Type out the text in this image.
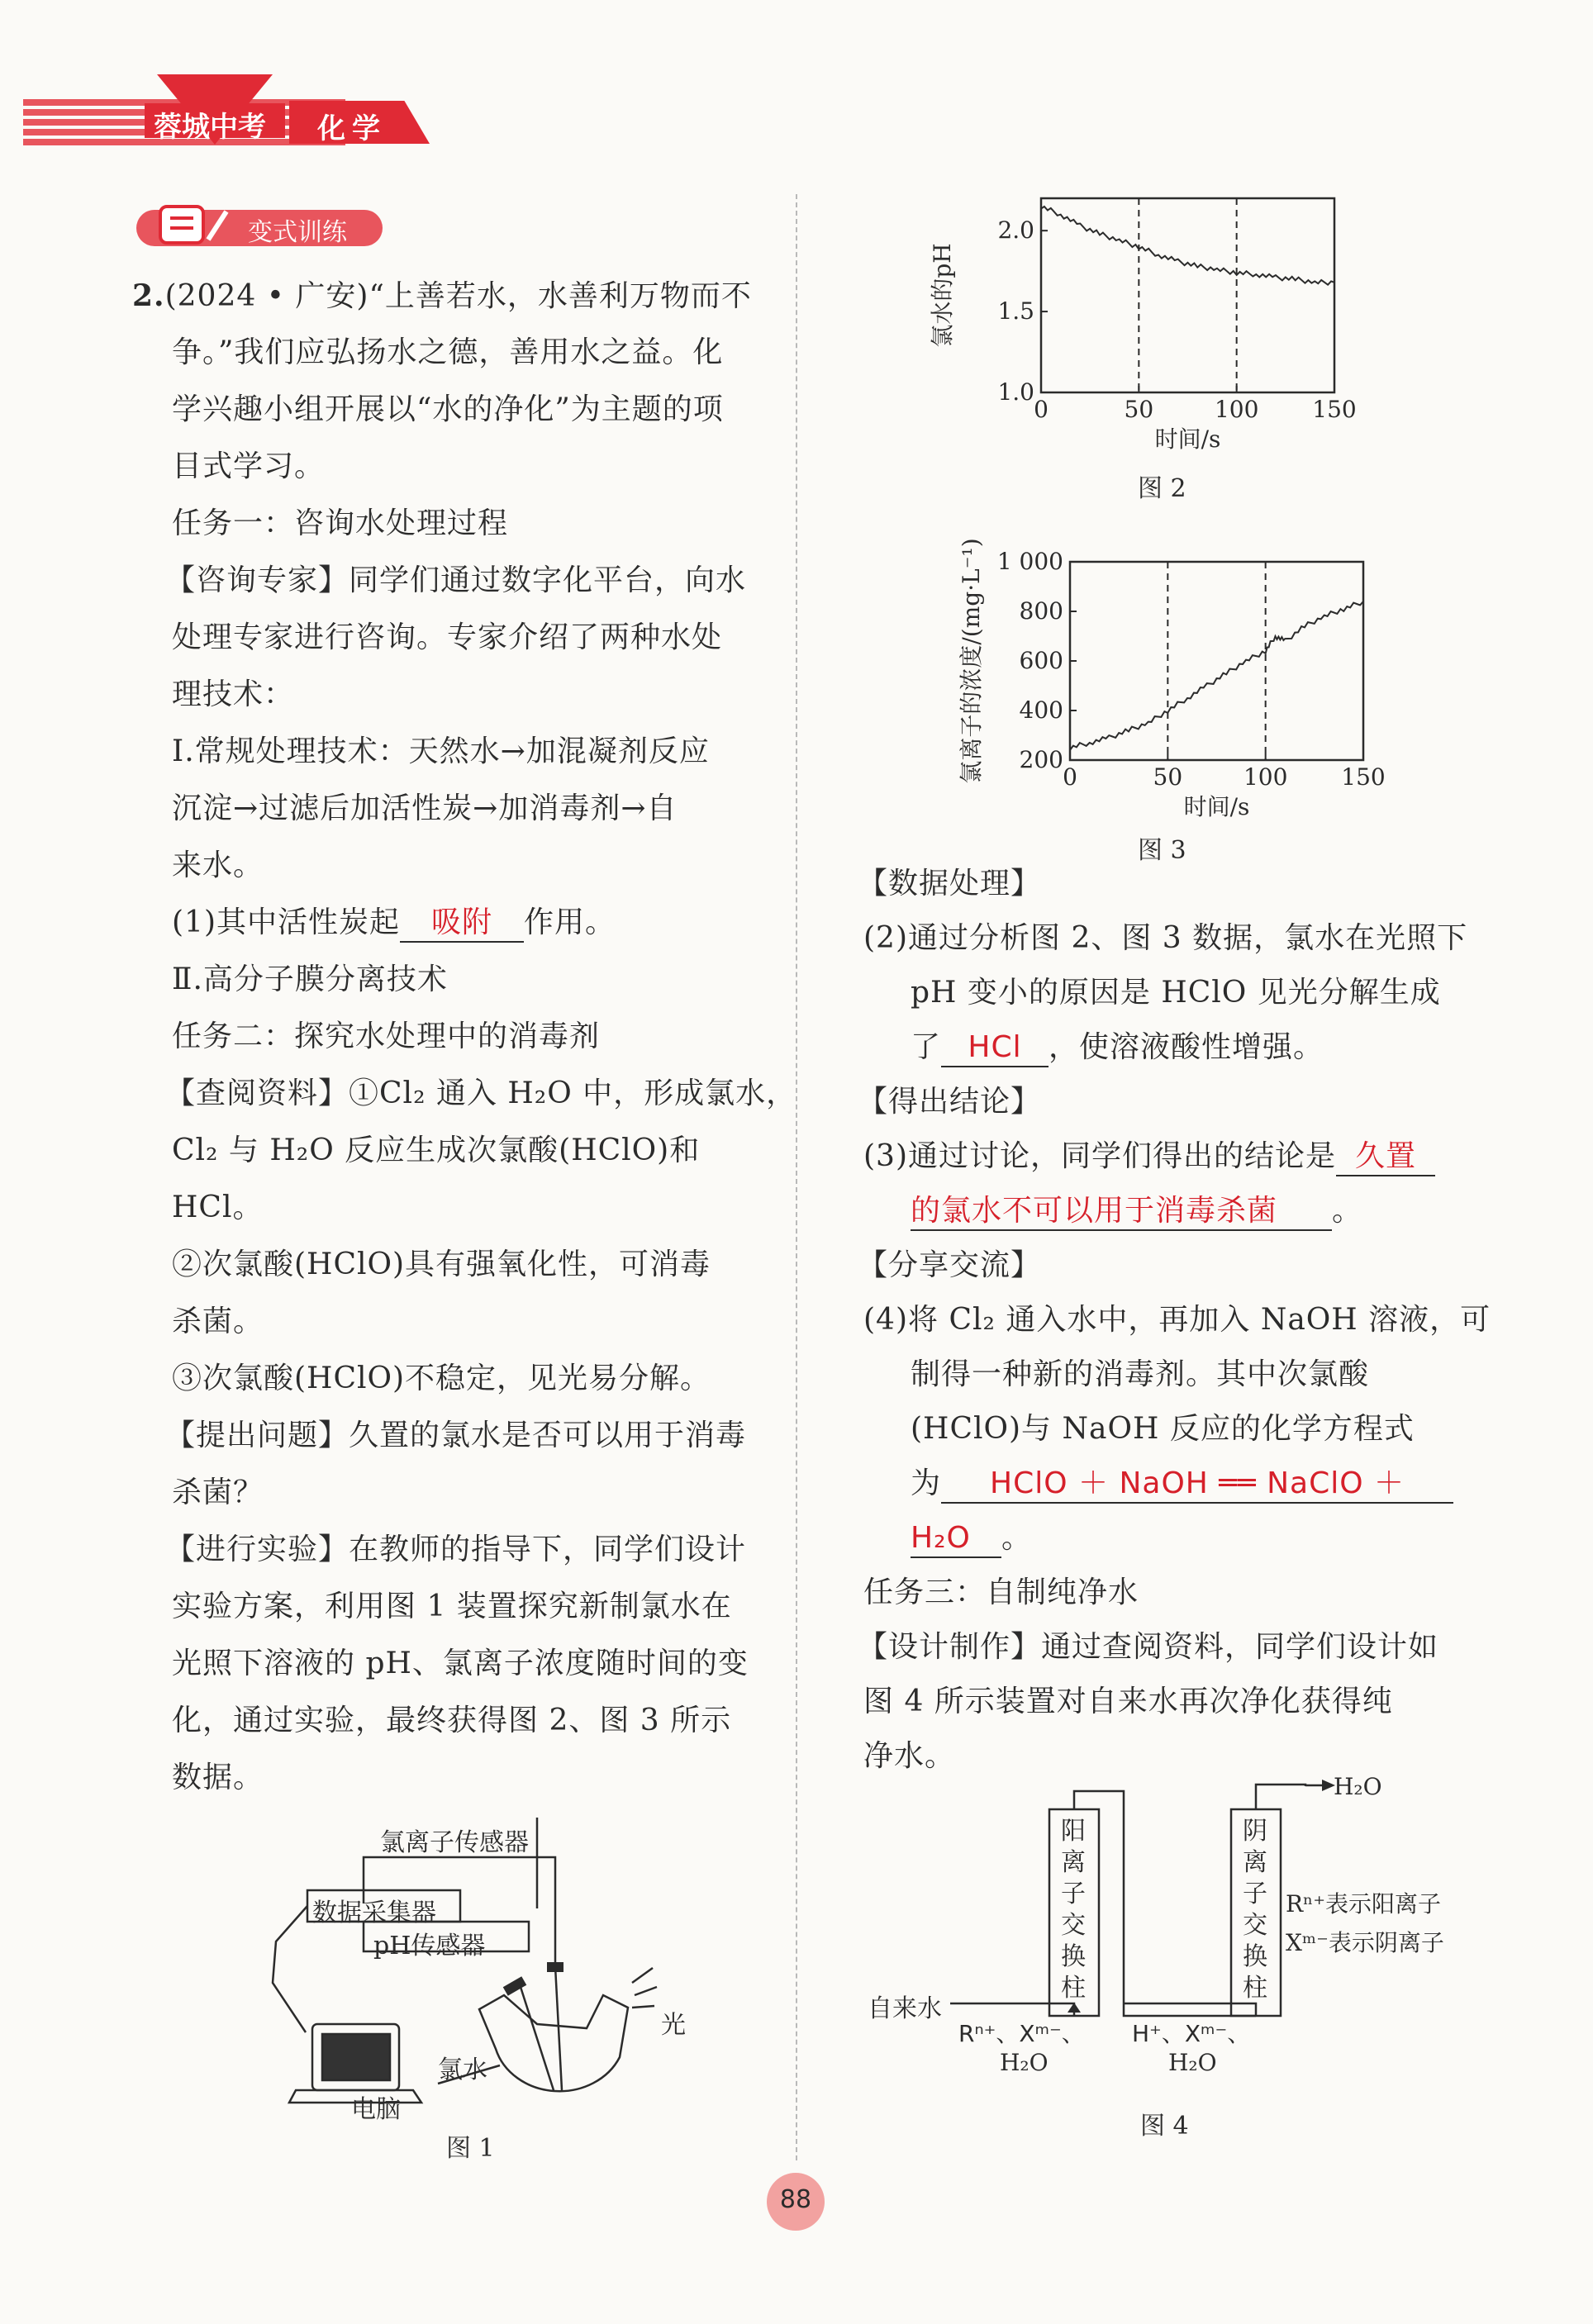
蓉城中考 化学
变式训练
2.(2024 • 广安)“上善若水，水善利万物而不
争。”我们应弘扬水之德，善用水之益。化
学兴趣小组开展以“水的净化”为主题的项
目式学习。
任务一：咨询水处理过程
【咨询专家】同学们通过数字化平台，向水
处理专家进行咨询。专家介绍了两种水处
理技术：
Ⅰ.常规处理技术：天然水→加混凝剂反应
沉淀→过滤后加活性炭→加消毒剂→自
来水。
(1)其中活性炭起 吸附 作用。
Ⅱ.高分子膜分离技术
任务二：探究水处理中的消毒剂
【查阅资料】①Cl₂ 通入 H₂O 中，形成氯水，
Cl₂ 与 H₂O 反应生成次氯酸(HClO)和
HCl。
②次氯酸(HClO)具有强氧化性，可消毒
杀菌。
③次氯酸(HClO)不稳定，见光易分解。
【提出问题】久置的氯水是否可以用于消毒
杀菌？
【进行实验】在教师的指导下，同学们设计
实验方案，利用图 1 装置探究新制氯水在
光照下溶液的 pH、氯离子浓度随时间的变
化，通过实验，最终获得图 2、图 3 所示
数据。
氯离子传感器
数据采集器
pH传感器
光
氯水
电脑
图 1
0	50	100 150
1.0
1.5
2.0
时间/s
氯水的pH
图 2
0	50	100 150
200
400
600
800
1 000
时间/s
氯离子的浓度/(mg·L⁻¹)
图 3
【数据处理】
(2)通过分析图 2、图 3 数据，氯水在光照下
pH 变小的原因是 HClO 见光分解生成
了 HCl ，使溶液酸性增强。
【得出结论】
(3)通过讨论，同学们得出的结论是 久置
的氯水不可以用于消毒杀菌 。
【分享交流】
(4)将 Cl₂ 通入水中，再加入 NaOH 溶液，可
制得一种新的消毒剂。其中次氯酸
(HClO)与 NaOH 反应的化学方程式
为 HClO ＋ NaOH ══ NaClO ＋
H₂O 。
任务三：自制纯净水
【设计制作】通过查阅资料，同学们设计如
图 4 所示装置对自来水再次净化获得纯
净水。
阳离子交换柱
阴离子交换柱
自来水
Rⁿ⁺、Xᵐ⁻、
H₂O
H⁺、Xᵐ⁻、
H₂O
H₂O
Rⁿ⁺表示阳离子
Xᵐ⁻表示阴离子
图 4
88
